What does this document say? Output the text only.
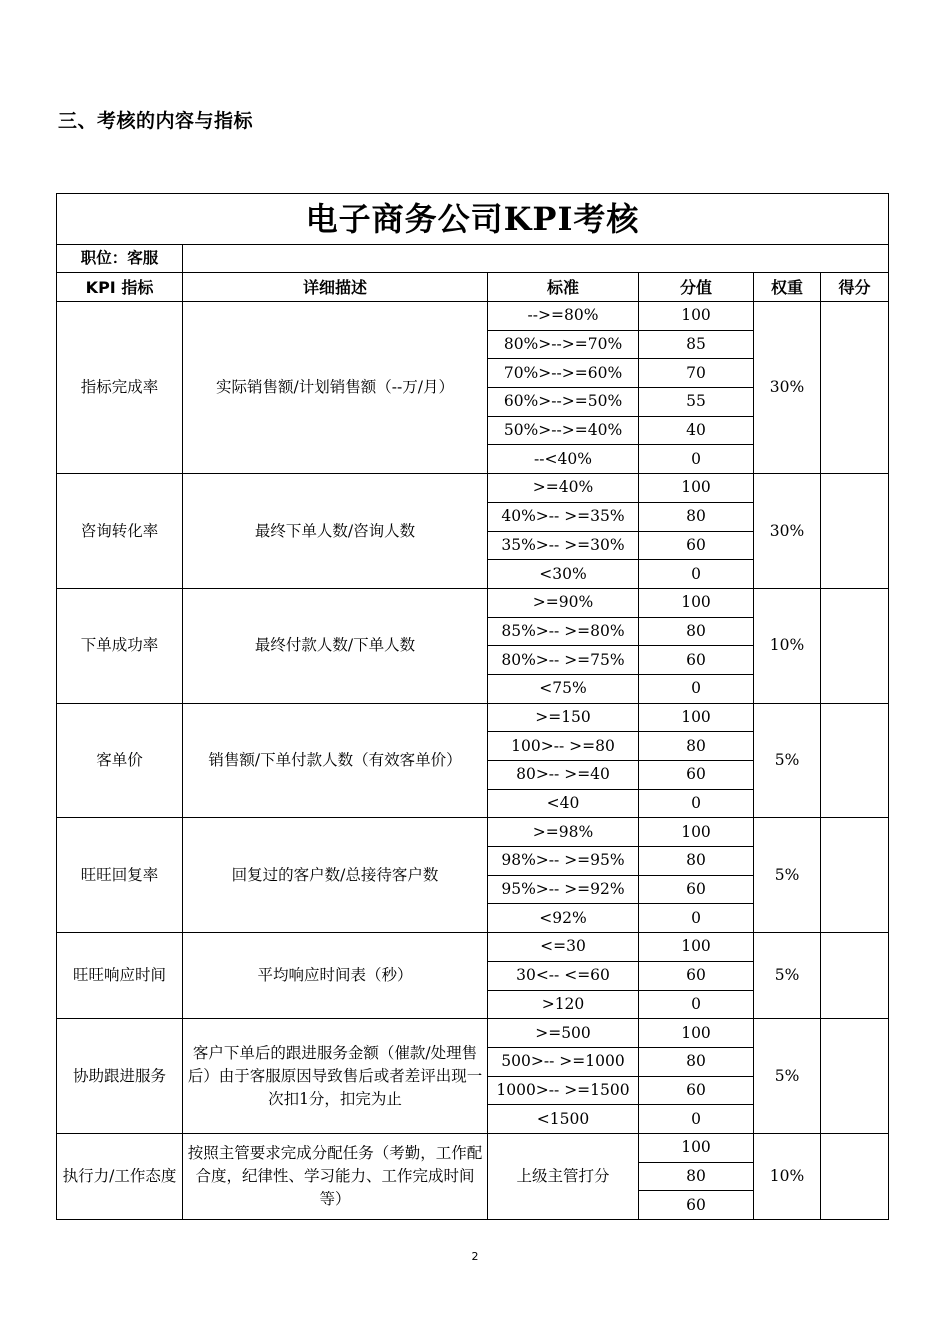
三、考核的内容与指标
电子商务公司KPI考核					
职位：客服					
KPI 指标	详细描述	标准	分值	权重	得分
指标完成率	实际销售额/计划销售额（--万/月）	-->=80%	100	30%	
		80%>-->=70%	85		
		70%>-->=60%	70		
		60%>-->=50%	55		
		50%>-->=40%	40		
		--<40%	0		
咨询转化率	最终下单人数/咨询人数	>=40%	100	30%	
		40%>-- >=35%	80		
		35%>-- >=30%	60		
		<30%	0		
下单成功率	最终付款人数/下单人数	>=90%	100	10%	
		85%>-- >=80%	80		
		80%>-- >=75%	60		
		<75%	0		
客单价	销售额/下单付款人数（有效客单价）	>=150	100	5%	
		100>-- >=80	80		
		80>-- >=40	60		
		<40	0		
旺旺回复率	回复过的客户数/总接待客户数	>=98%	100	5%	
		98%>-- >=95%	80		
		95%>-- >=92%	60		
		<92%	0		
旺旺响应时间	平均响应时间表（秒）	<=30	100	5%	
		30<-- <=60	60		
		>120	0		
协助跟进服务	客户下单后的跟进服务金额（催款/处理售后）由于客服原因导致售后或者差评出现一次扣1分，扣完为止	>=500	100	5%	
		500>-- >=1000	80		
		1000>-- >=1500	60		
		<1500	0		
执行力/工作态度	按照主管要求完成分配任务（考勤，工作配合度，纪律性、学习能力、工作完成时间等）	上级主管打分	100	10%	
			80		
			60		
2
